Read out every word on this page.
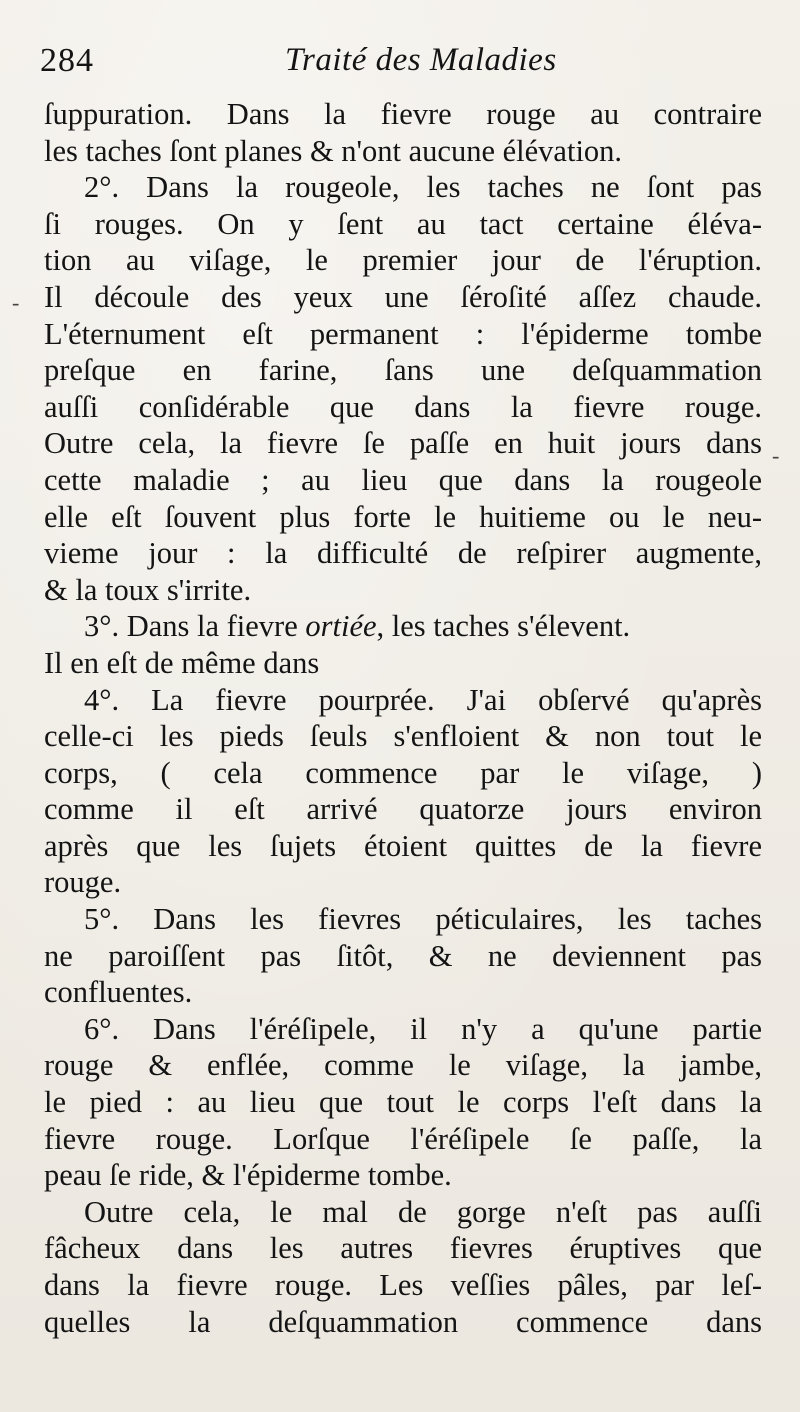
284	Traité des Maladies
-
-
ſuppuration. Dans la fievre rouge au contraire
les taches ſont planes & n'ont aucune élévation.
2°. Dans la rougeole, les taches ne ſont pas
ſi rouges. On y ſent au tact certaine éléva-
tion au viſage, le premier jour de l'éruption.
Il découle des yeux une ſéroſité aſſez chaude.
L'éternument eſt permanent : l'épiderme tombe
preſque en farine, ſans une deſquammation
auſſi conſidérable que dans la fievre rouge.
Outre cela, la fievre ſe paſſe en huit jours dans
cette maladie ; au lieu que dans la rougeole
elle eſt ſouvent plus forte le huitieme ou le neu-
vieme jour : la difficulté de reſpirer augmente,
& la toux s'irrite.
3°. Dans la fievre ortiée, les taches s'élevent.
Il en eſt de même dans
4°. La fievre pourprée. J'ai obſervé qu'après
celle-ci les pieds ſeuls s'enfloient & non tout le
corps, ( cela commence par le viſage, )
comme il eſt arrivé quatorze jours environ
après que les ſujets étoient quittes de la fievre
rouge.
5°. Dans les fievres péticulaires, les taches
ne paroiſſent pas ſitôt, & ne deviennent pas
confluentes.
6°. Dans l'éréſipele, il n'y a qu'une partie
rouge & enflée, comme le viſage, la jambe,
le pied : au lieu que tout le corps l'eſt dans la
fievre rouge. Lorſque l'éréſipele ſe paſſe, la
peau ſe ride, & l'épiderme tombe.
Outre cela, le mal de gorge n'eſt pas auſſi
fâcheux dans les autres fievres éruptives que
dans la fievre rouge. Les veſſies pâles, par leſ-
quelles la deſquammation commence dans
